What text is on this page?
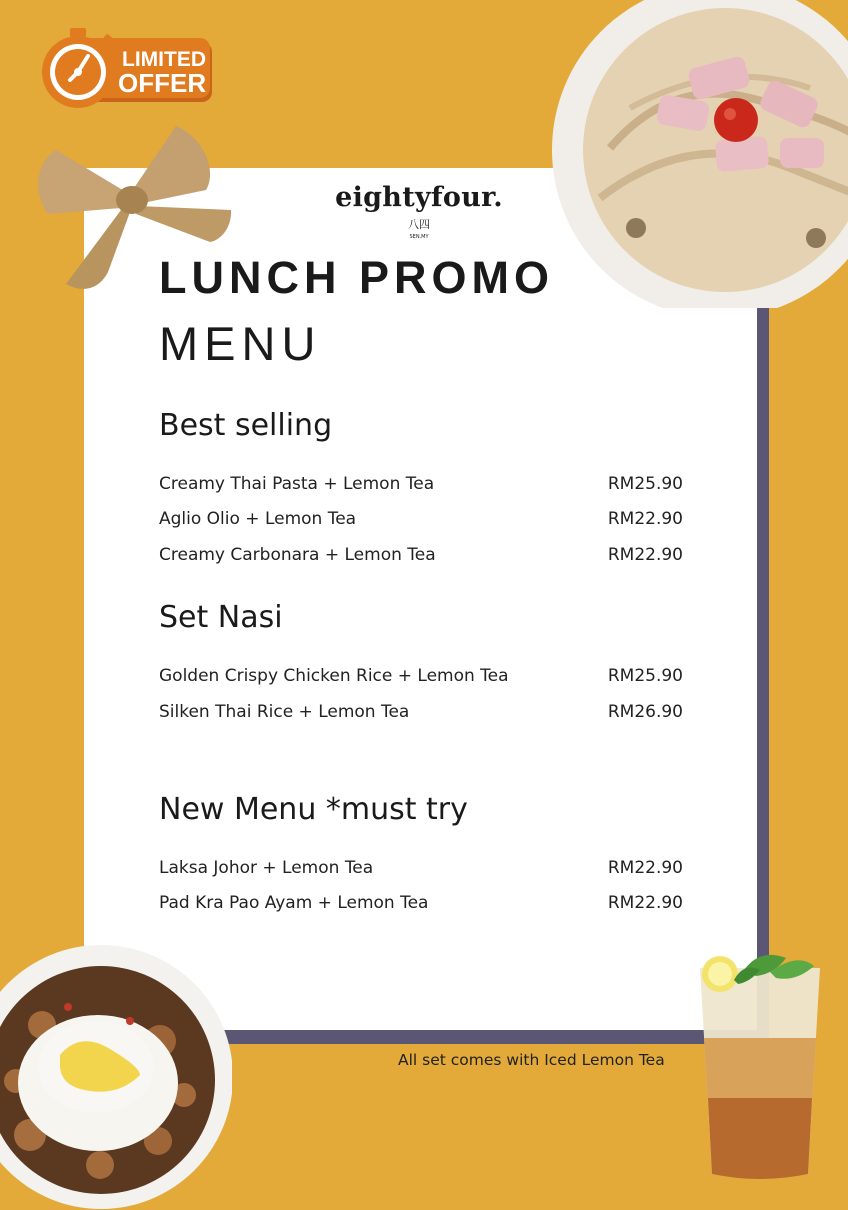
LIMITED
OFFER
eightyfour.
八四
SEN.MY
LUNCH PROMO
MENU
Best selling
Creamy Thai Pasta + Lemon Tea	RM25.90
Aglio Olio + Lemon Tea	RM22.90
Creamy Carbonara + Lemon Tea	RM22.90
Set Nasi
Golden Crispy Chicken Rice + Lemon Tea	RM25.90
Silken Thai Rice + Lemon Tea	RM26.90
New Menu *must try
Laksa Johor + Lemon Tea	RM22.90
Pad Kra Pao Ayam + Lemon Tea	RM22.90
All set comes with Iced Lemon Tea
